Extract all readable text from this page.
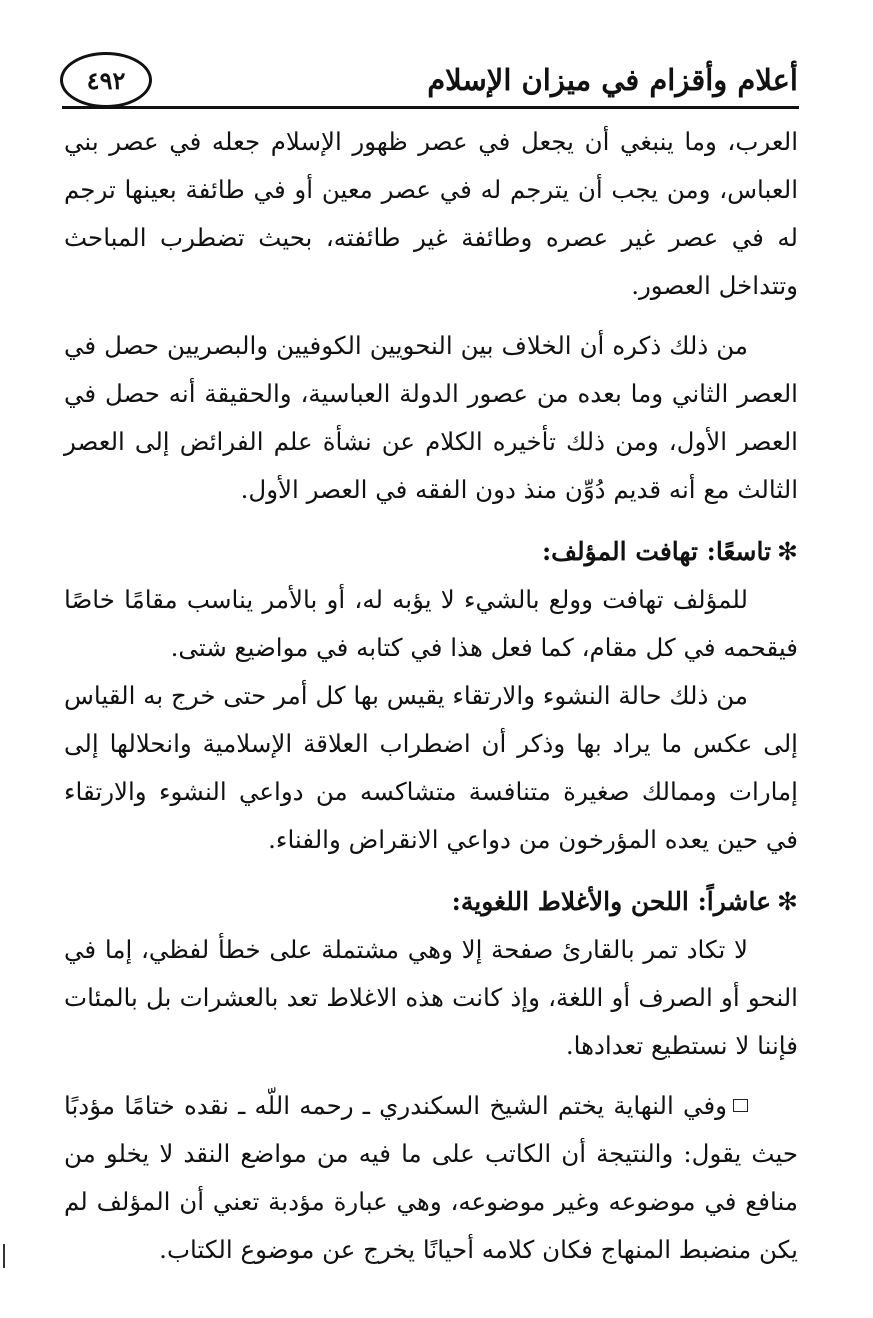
أعلام وأقزام في ميزان الإسلام
٤٩٢

العرب، وما ينبغي أن يجعل في عصر ظهور الإسلام جعله في عصر بني العباس، ومن يجب أن يترجم له في عصر معين أو في طائفة بعينها ترجم له في عصر غير عصره وطائفة غير طائفته، بحيث تضطرب المباحث وتتداخل العصور.

من ذلك ذكره أن الخلاف بين النحويين الكوفيين والبصريين حصل في العصر الثاني وما بعده من عصور الدولة العباسية، والحقيقة أنه حصل في العصر الأول، ومن ذلك تأخيره الكلام عن نشأة علم الفرائض إلى العصر الثالث مع أنه قديم دُوِّن منذ دون الفقه في العصر الأول.

✻تاسعًا: تهافت المؤلف:

للمؤلف تهافت وولع بالشيء لا يؤبه له، أو بالأمر يناسب مقامًا خاصًا فيقحمه في كل مقام، كما فعل هذا في كتابه في مواضيع شتى.

من ذلك حالة النشوء والارتقاء يقيس بها كل أمر حتى خرج به القياس إلى عكس ما يراد بها وذكر أن اضطراب العلاقة الإسلامية وانحلالها إلى إمارات وممالك صغيرة متنافسة متشاكسه من دواعي النشوء والارتقاء في حين يعده المؤرخون من دواعي الانقراض والفناء.

✻عاشراً: اللحن والأغلاط اللغوية:

لا تكاد تمر بالقارئ صفحة إلا وهي مشتملة على خطأ لفظي، إما في النحو أو الصرف أو اللغة، وإذ كانت هذه الاغلاط تعد بالعشرات بل بالمئات فإننا لا نستطيع تعدادها.

وفي النهاية يختم الشيخ السكندري ـ رحمه اللّه ـ نقده ختامًا مؤدبًا حيث يقول: والنتيجة أن الكاتب على ما فيه من مواضع النقد لا يخلو من منافع في موضوعه وغير موضوعه، وهي عبارة مؤدبة تعني أن المؤلف لم يكن منضبط المنهاج فكان كلامه أحيانًا يخرج عن موضوع الكتاب.
